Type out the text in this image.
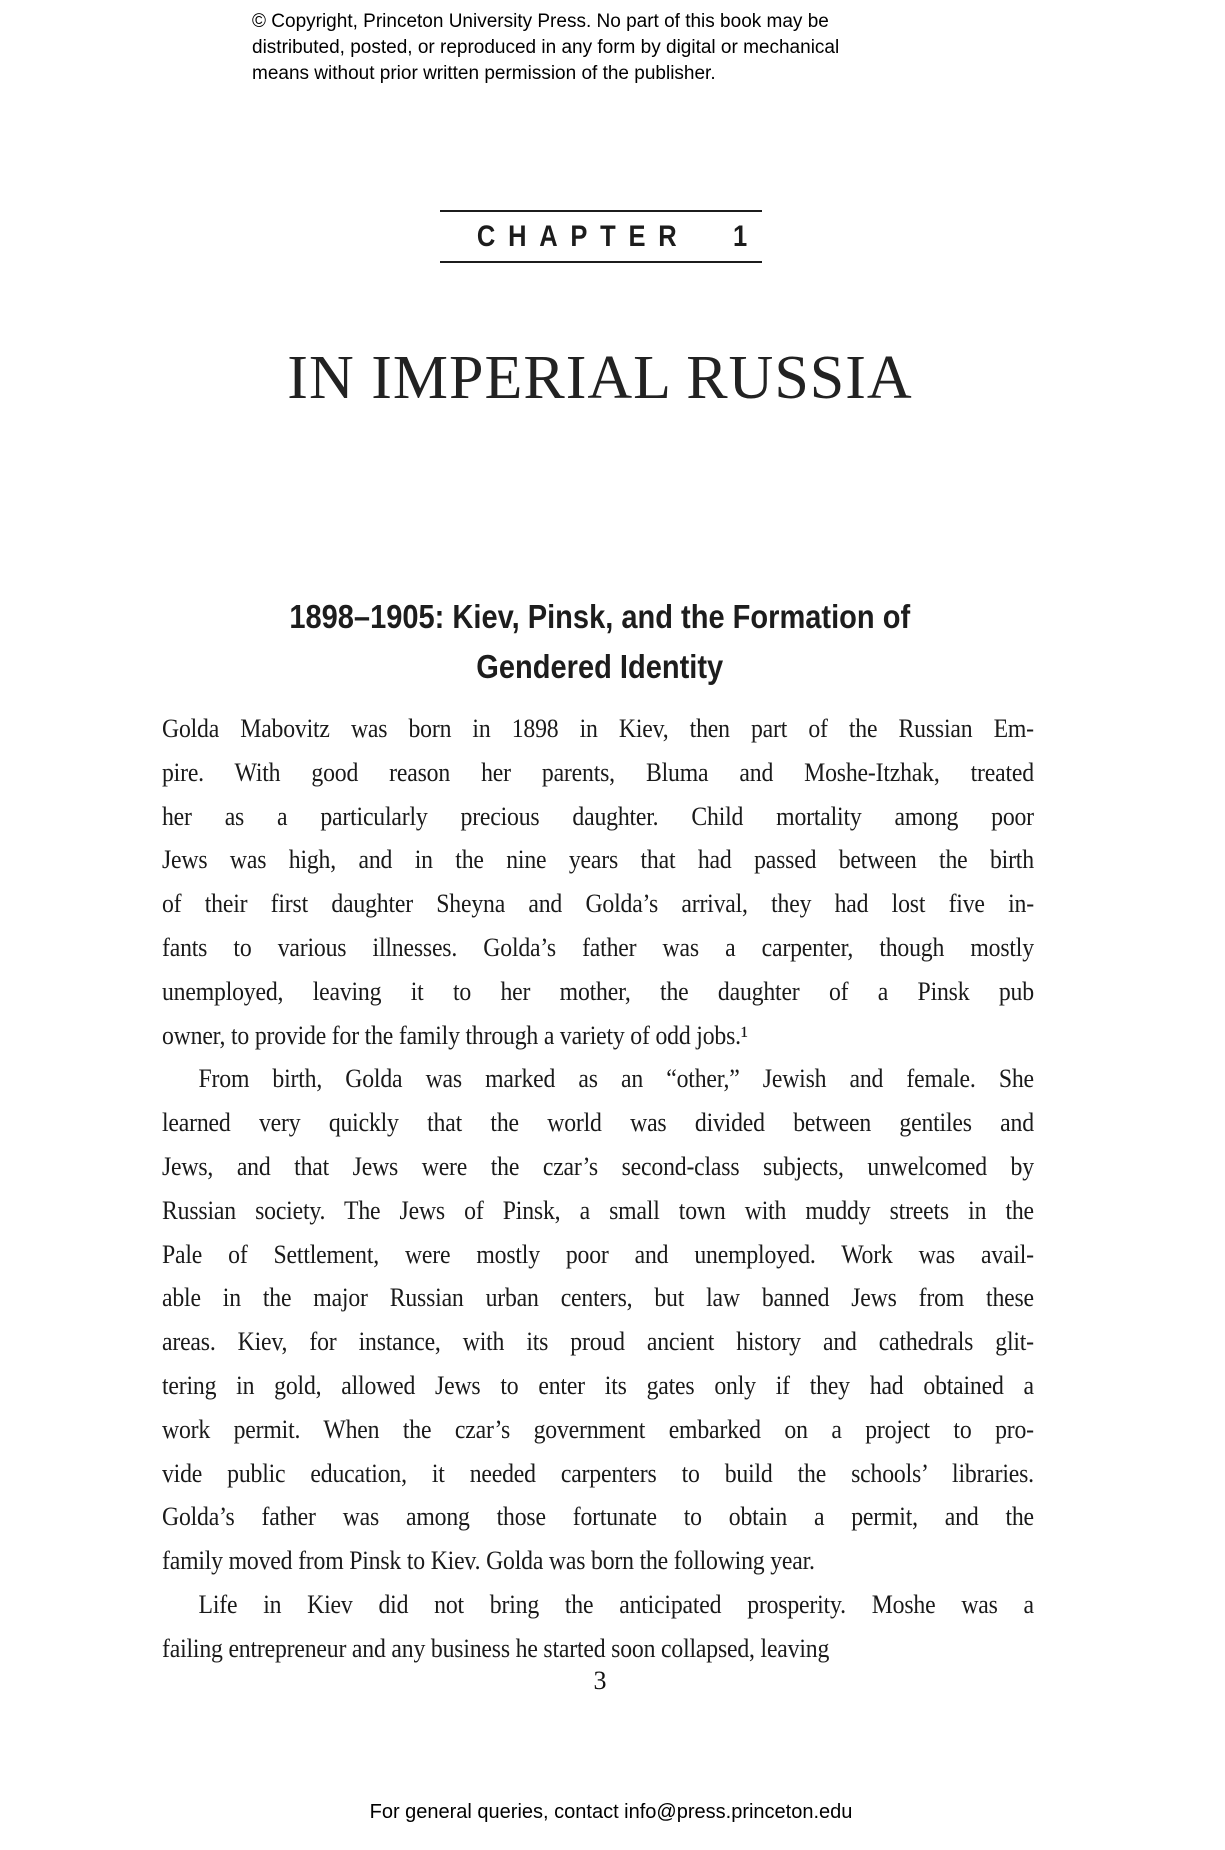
© Copyright, Princeton University Press. No part of this book may be
distributed, posted, or reproduced in any form by digital or mechanical
means without prior written permission of the publisher.
CHAPTER 1
IN IMPERIAL RUSSIA
1898–1905: Kiev, Pinsk, and the Formation of
Gendered Identity
Golda Mabovitz was born in 1898 in Kiev, then part of the Russian Em-
pire. With good reason her parents, Bluma and Moshe-Itzhak, treated
her as a particularly precious daughter. Child mortality among poor
Jews was high, and in the nine years that had passed between the birth
of their first daughter Sheyna and Golda’s arrival, they had lost five in-
fants to various illnesses. Golda’s father was a carpenter, though mostly
unemployed, leaving it to her mother, the daughter of a Pinsk pub
owner, to provide for the family through a variety of odd jobs.¹
From birth, Golda was marked as an “other,” Jewish and female. She
learned very quickly that the world was divided between gentiles and
Jews, and that Jews were the czar’s second-class subjects, unwelcomed by
Russian society. The Jews of Pinsk, a small town with muddy streets in the
Pale of Settlement, were mostly poor and unemployed. Work was avail-
able in the major Russian urban centers, but law banned Jews from these
areas. Kiev, for instance, with its proud ancient history and cathedrals glit-
tering in gold, allowed Jews to enter its gates only if they had obtained a
work permit. When the czar’s government embarked on a project to pro-
vide public education, it needed carpenters to build the schools’ libraries.
Golda’s father was among those fortunate to obtain a permit, and the
family moved from Pinsk to Kiev. Golda was born the following year.
Life in Kiev did not bring the anticipated prosperity. Moshe was a
failing entrepreneur and any business he started soon collapsed, leaving
3
For general queries, contact info@press.princeton.edu
